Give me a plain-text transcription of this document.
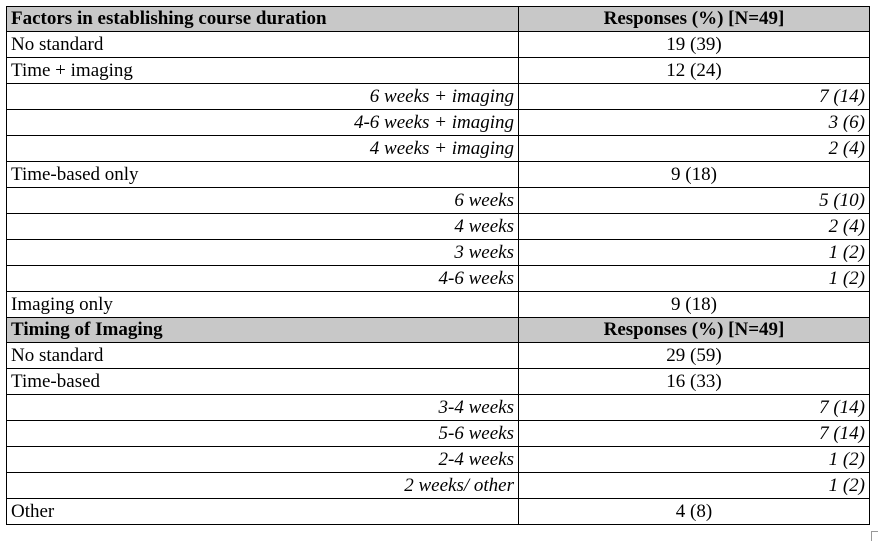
Factors in establishing course duration	Responses (%) [N=49]
No standard	19 (39)
Time + imaging	12 (24)
6 weeks + imaging	7 (14)
4-6 weeks + imaging	3 (6)
4 weeks + imaging	2 (4)
Time-based only	9 (18)
6 weeks	5 (10)
4 weeks	2 (4)
3 weeks	1 (2)
4-6 weeks	1 (2)
Imaging only	9 (18)
Timing of Imaging	Responses (%) [N=49]
No standard	29 (59)
Time-based	16 (33)
3-4 weeks	7 (14)
5-6 weeks	7 (14)
2-4 weeks	1 (2)
2 weeks/ other	1 (2)
Other	4 (8)
